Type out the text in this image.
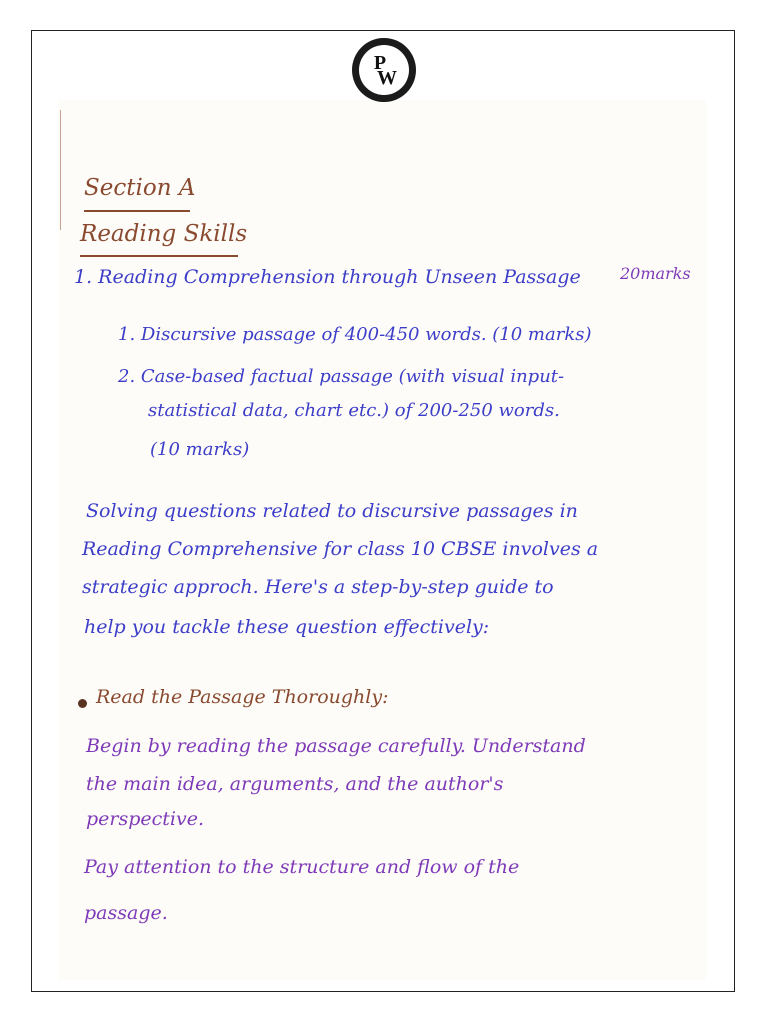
P
W
Section A
Reading Skills
1. Reading Comprehension through Unseen Passage 20marks
1. Discursive passage of 400-450 words. (10 marks)
2. Case-based factual passage (with visual input-
statistical data, chart etc.) of 200-250 words.
(10 marks)
Solving questions related to discursive passages in
Reading Comprehensive for class 10 CBSE involves a
strategic approch. Here's a step-by-step guide to
help you tackle these question effectively:
Read the Passage Thoroughly:
Begin by reading the passage carefully. Understand
the main idea, arguments, and the author's
perspective.
Pay attention to the structure and flow of the
passage.
